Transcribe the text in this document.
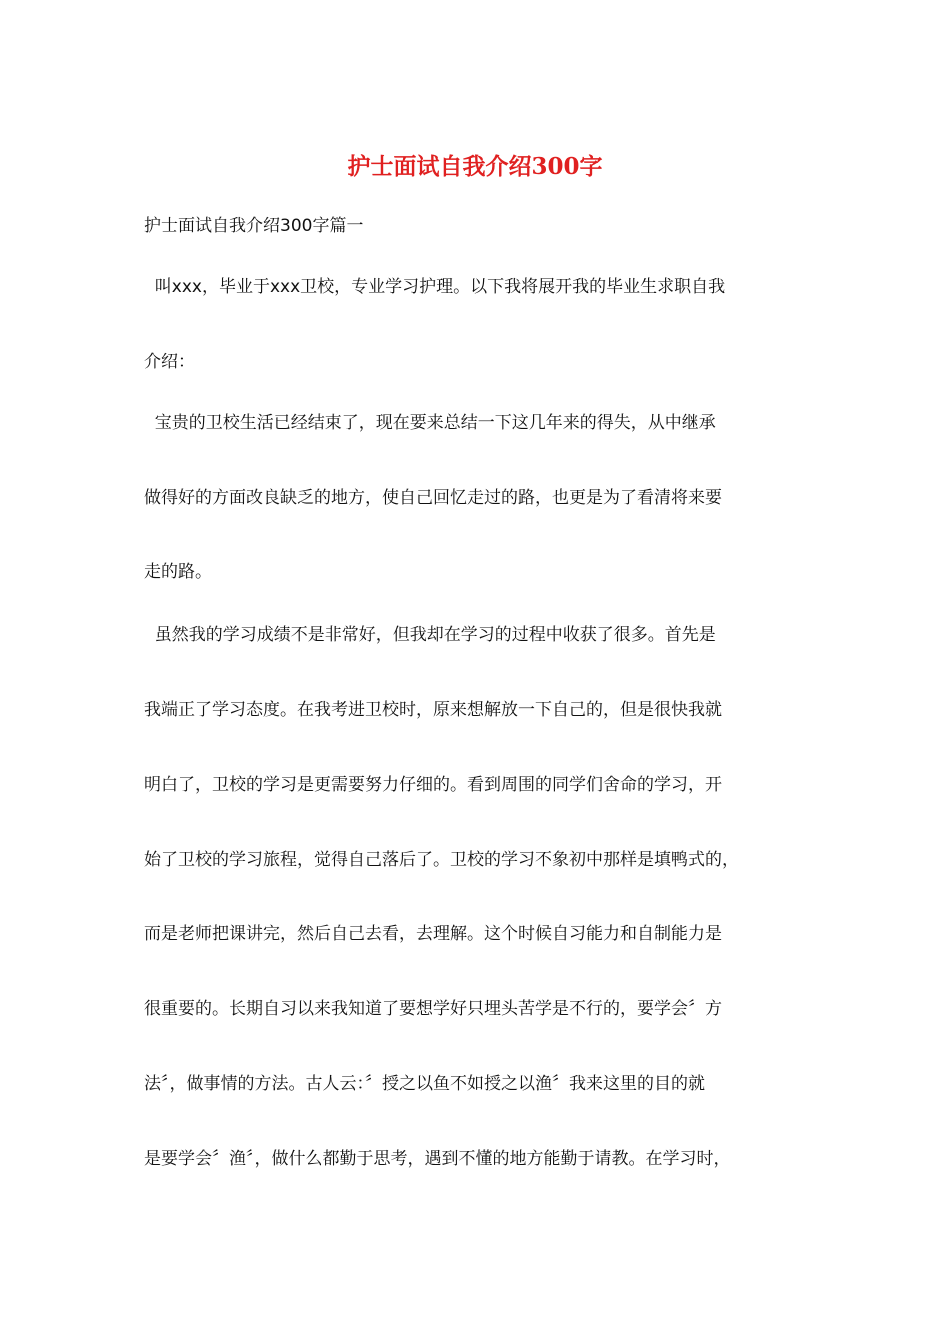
护士面试自我介绍300字
护士面试自我介绍300字篇一
叫xxx，毕业于xxx卫校，专业学习护理。以下我将展开我的毕业生求职自我
介绍：
宝贵的卫校生活已经结束了，现在要来总结一下这几年来的得失，从中继承
做得好的方面改良缺乏的地方，使自己回忆走过的路，也更是为了看清将来要
走的路。
虽然我的学习成绩不是非常好，但我却在学习的过程中收获了很多。首先是
我端正了学习态度。在我考进卫校时，原来想解放一下自己的，但是很快我就
明白了，卫校的学习是更需要努力仔细的。看到周围的同学们舍命的学习，开
始了卫校的学习旅程，觉得自己落后了。卫校的学习不象初中那样是填鸭式的，
而是老师把课讲完，然后自己去看，去理解。这个时候自习能力和自制能力是
很重要的。长期自习以来我知道了要想学好只埋头苦学是不行的，要学会〞方
法〞，做事情的方法。古人云：〞授之以鱼不如授之以渔〞我来这里的目的就
是要学会〞渔〞，做什么都勤于思考，遇到不懂的地方能勤于请教。在学习时，
